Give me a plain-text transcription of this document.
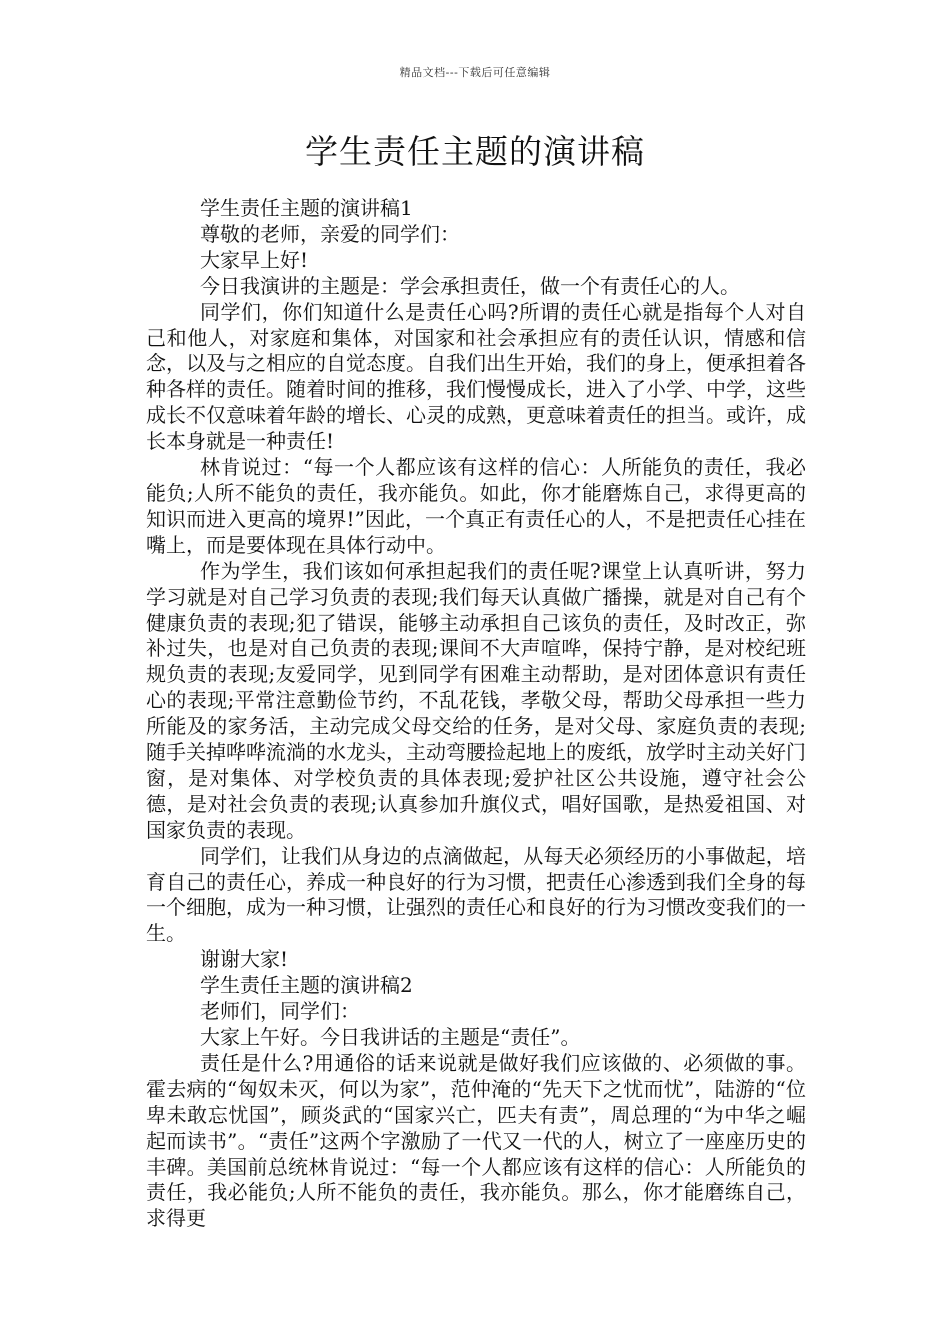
精品文档---下载后可任意编辑
学生责任主题的演讲稿

学生责任主题的演讲稿1

尊敬的老师，亲爱的同学们：

大家早上好!

今日我演讲的主题是：学会承担责任，做一个有责任心的人。

同学们，你们知道什么是责任心吗?所谓的责任心就是指每个人对自己和他人，对家庭和集体，对国家和社会承担应有的责任认识，情感和信念，以及与之相应的自觉态度。自我们出生开始，我们的身上，便承担着各种各样的责任。随着时间的推移，我们慢慢成长，进入了小学、中学，这些成长不仅意味着年龄的增长、心灵的成熟，更意味着责任的担当。或许，成长本身就是一种责任!

林肯说过：“每一个人都应该有这样的信心：人所能负的责任，我必能负;人所不能负的责任，我亦能负。如此，你才能磨炼自己，求得更高的知识而进入更高的境界!”因此，一个真正有责任心的人，不是把责任心挂在嘴上，而是要体现在具体行动中。

作为学生，我们该如何承担起我们的责任呢?课堂上认真听讲，努力学习就是对自己学习负责的表现;我们每天认真做广播操，就是对自己有个健康负责的表现;犯了错误，能够主动承担自己该负的责任，及时改正，弥补过失，也是对自己负责的表现;课间不大声喧哗，保持宁静，是对校纪班规负责的表现;友爱同学，见到同学有困难主动帮助，是对团体意识有责任心的表现;平常注意勤俭节约，不乱花钱，孝敬父母，帮助父母承担一些力所能及的家务活，主动完成父母交给的任务，是对父母、家庭负责的表现;随手关掉哗哗流淌的水龙头，主动弯腰捡起地上的废纸，放学时主动关好门窗，是对集体、对学校负责的具体表现;爱护社区公共设施，遵守社会公德，是对社会负责的表现;认真参加升旗仪式，唱好国歌，是热爱祖国、对国家负责的表现。

同学们，让我们从身边的点滴做起，从每天必须经历的小事做起，培育自己的责任心，养成一种良好的行为习惯，把责任心渗透到我们全身的每一个细胞，成为一种习惯，让强烈的责任心和良好的行为习惯改变我们的一生。

谢谢大家!

学生责任主题的演讲稿2

老师们，同学们：

大家上午好。今日我讲话的主题是“责任”。

责任是什么?用通俗的话来说就是做好我们应该做的、必须做的事。霍去病的“匈奴未灭，何以为家”，范仲淹的“先天下之忧而忧”，陆游的“位卑未敢忘忧国”，顾炎武的“国家兴亡，匹夫有责”，周总理的“为中华之崛起而读书”。“责任”这两个字激励了一代又一代的人，树立了一座座历史的丰碑。美国前总统林肯说过：“每一个人都应该有这样的信心：人所能负的责任，我必能负;人所不能负的责任，我亦能负。那么，你才能磨练自己，求得更
